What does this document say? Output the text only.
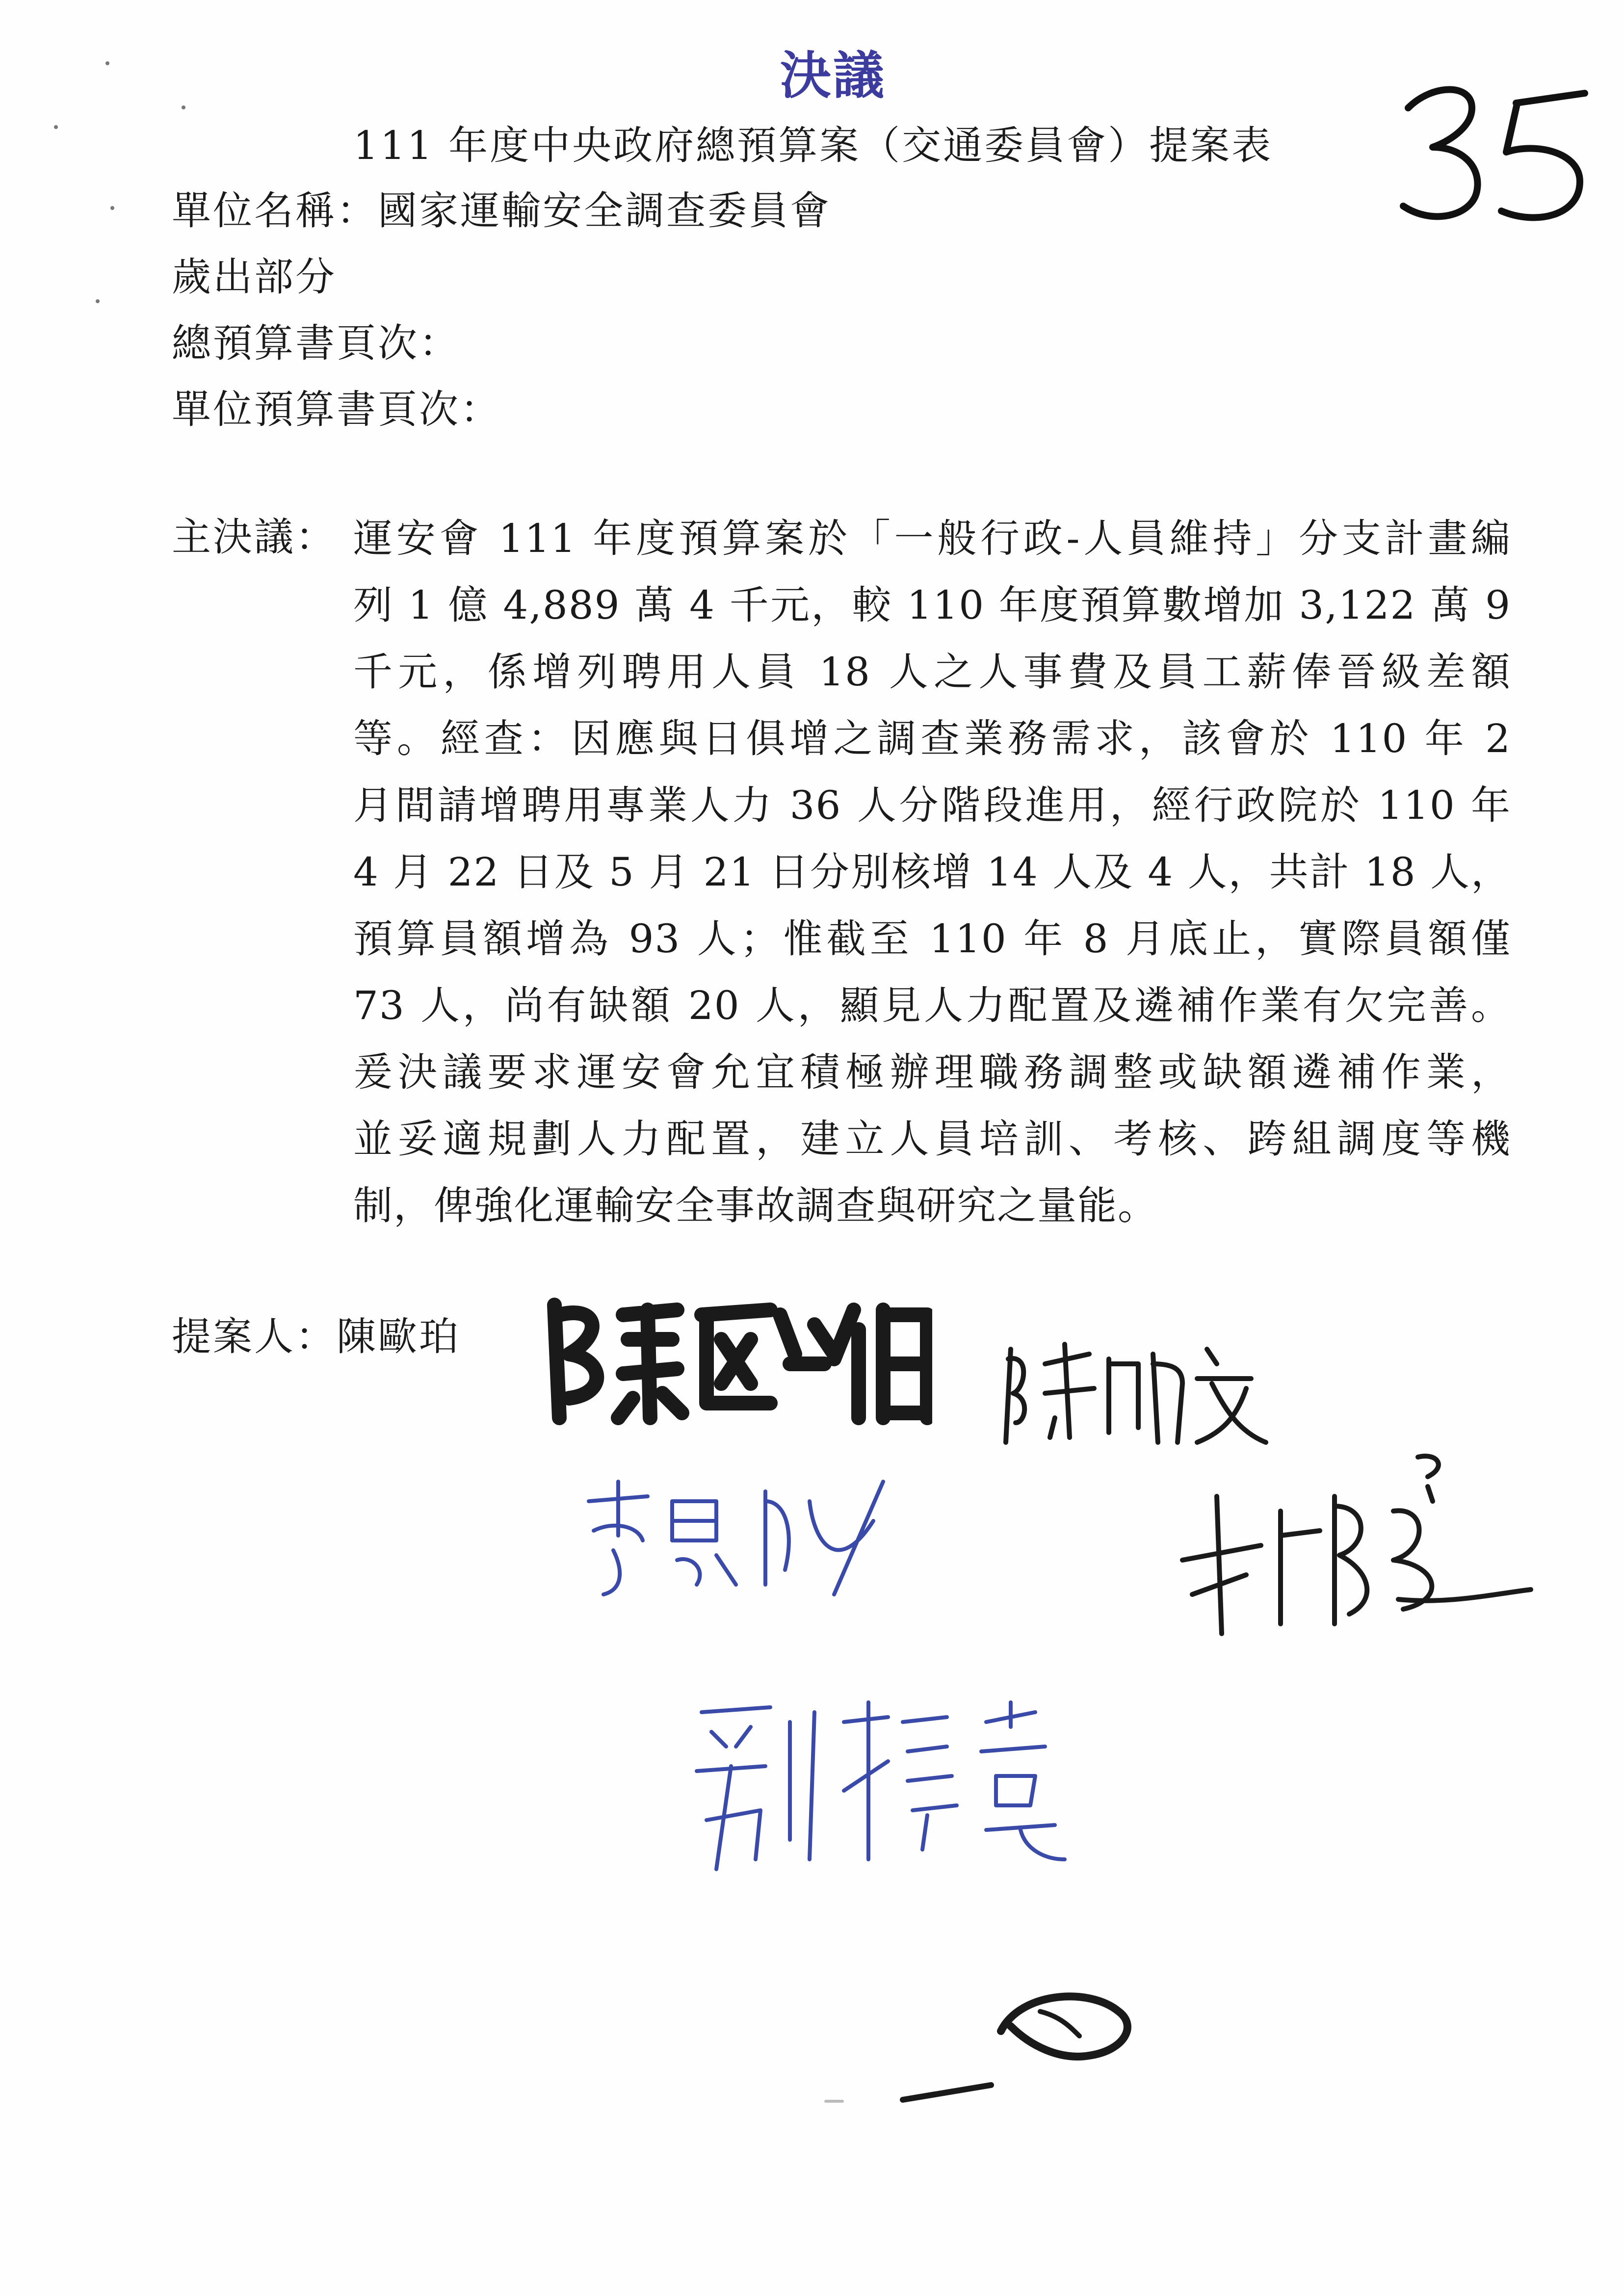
決議
111 年度中央政府總預算案（交通委員會）提案表
單位名稱：國家運輸安全調查委員會
歲出部分
總預算書頁次：
單位預算書頁次：
主決議： 運安會 111 年度預算案於「一般行政-人員維持」分支計畫編
列 1 億 4,889 萬 4 千元，較 110 年度預算數增加 3,122 萬 9
千元，係增列聘用人員 18 人之人事費及員工薪俸晉級差額
等。經查：因應與日俱增之調查業務需求，該會於 110 年 2
月間請增聘用專業人力 36 人分階段進用，經行政院於 110 年
4 月 22 日及 5 月 21 日分別核增 14 人及 4 人，共計 18 人，
預算員額增為 93 人；惟截至 110 年 8 月底止，實際員額僅
73 人，尚有缺額 20 人，顯見人力配置及遴補作業有欠完善。
爰決議要求運安會允宜積極辦理職務調整或缺額遴補作業，
並妥適規劃人力配置，建立人員培訓、考核、跨組調度等機
制，俾強化運輸安全事故調查與研究之量能。
提案人：陳歐珀
